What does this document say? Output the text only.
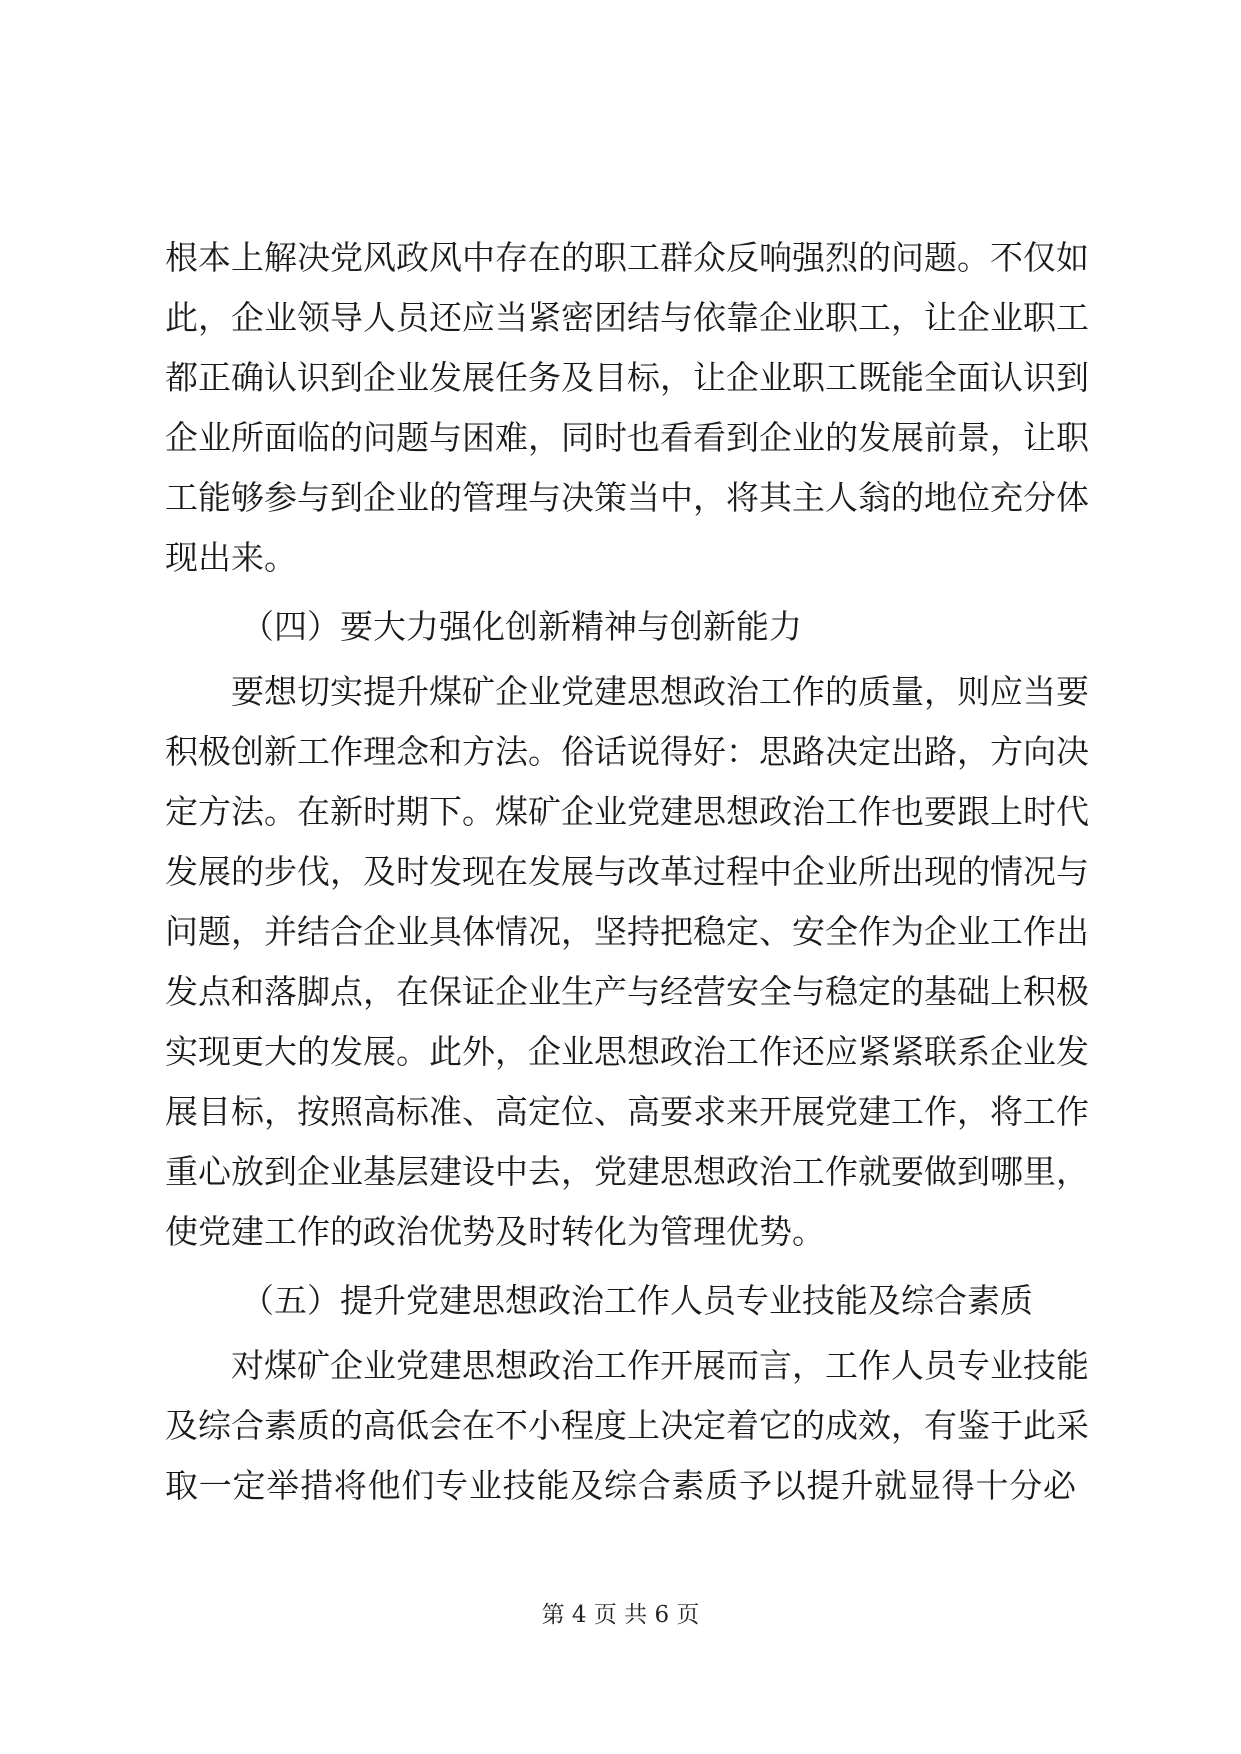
根本上解决党风政风中存在的职工群众反响强烈的问题。不仅如
此，企业领导人员还应当紧密团结与依靠企业职工，让企业职工
都正确认识到企业发展任务及目标，让企业职工既能全面认识到
企业所面临的问题与困难，同时也看看到企业的发展前景，让职
工能够参与到企业的管理与决策当中，将其主人翁的地位充分体
现出来。
（四）要大力强化创新精神与创新能力
要想切实提升煤矿企业党建思想政治工作的质量，则应当要
积极创新工作理念和方法。俗话说得好：思路决定出路，方向决
定方法。在新时期下。煤矿企业党建思想政治工作也要跟上时代
发展的步伐，及时发现在发展与改革过程中企业所出现的情况与
问题，并结合企业具体情况，坚持把稳定、安全作为企业工作出
发点和落脚点，在保证企业生产与经营安全与稳定的基础上积极
实现更大的发展。此外，企业思想政治工作还应紧紧联系企业发
展目标，按照高标准、高定位、高要求来开展党建工作，将工作
重心放到企业基层建设中去，党建思想政治工作就要做到哪里，
使党建工作的政治优势及时转化为管理优势。
（五）提升党建思想政治工作人员专业技能及综合素质
对煤矿企业党建思想政治工作开展而言，工作人员专业技能
及综合素质的高低会在不小程度上决定着它的成效，有鉴于此采
取一定举措将他们专业技能及综合素质予以提升就显得十分必
第 4 页 共 6 页
